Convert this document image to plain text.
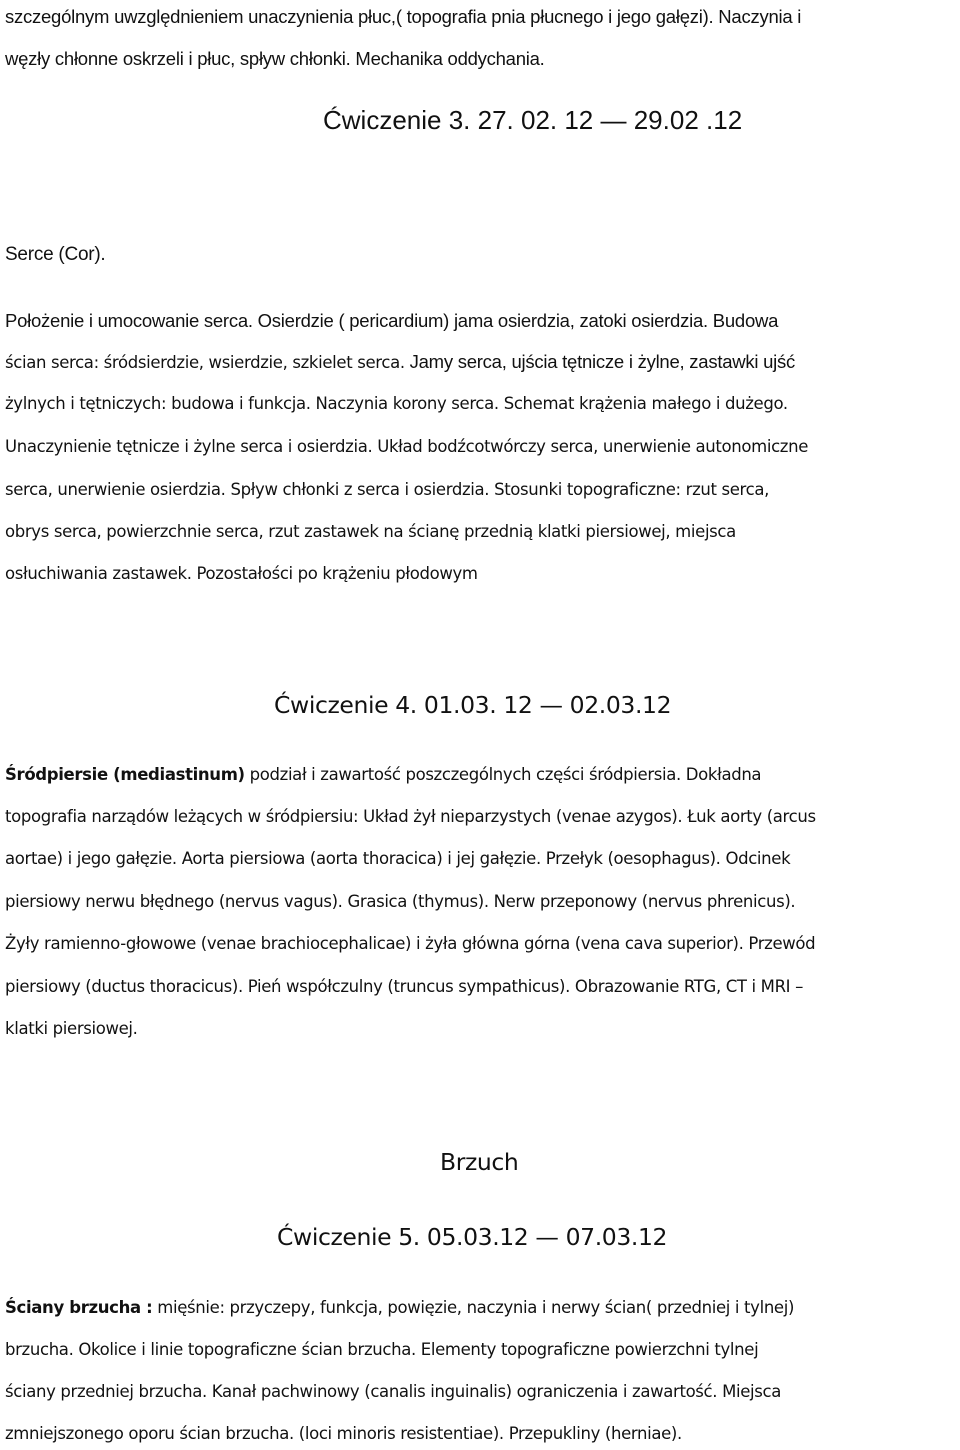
szczególnym uwzględnieniem unaczynienia płuc,( topografia pnia płucnego i jego gałęzi). Naczynia i
węzły chłonne oskrzeli i płuc, spływ chłonki. Mechanika oddychania.
Ćwiczenie 3. 27. 02. 12 — 29.02 .12
Serce (Cor).
Położenie i umocowanie serca. Osierdzie ( pericardium) jama osierdzia, zatoki osierdzia. Budowa
ścian serca: śródsierdzie, wsierdzie, szkielet serca. Jamy serca, ujścia tętnicze i żylne, zastawki ujść
żylnych i tętniczych: budowa i funkcja. Naczynia korony serca. Schemat krążenia małego i dużego.
Unaczynienie tętnicze i żylne serca i osierdzia. Układ bodźcotwórczy serca, unerwienie autonomiczne
serca, unerwienie osierdzia. Spływ chłonki z serca i osierdzia. Stosunki topograficzne: rzut serca,
obrys serca, powierzchnie serca, rzut zastawek na ścianę przednią klatki piersiowej, miejsca
osłuchiwania zastawek. Pozostałości po krążeniu płodowym
Ćwiczenie 4. 01.03. 12 — 02.03.12
Śródpiersie (mediastinum) podział i zawartość poszczególnych części śródpiersia. Dokładna
topografia narządów leżących w śródpiersiu: Układ żył nieparzystych (venae azygos). Łuk aorty (arcus
aortae) i jego gałęzie. Aorta piersiowa (aorta thoracica) i jej gałęzie. Przełyk (oesophagus). Odcinek
piersiowy nerwu błędnego (nervus vagus). Grasica (thymus). Nerw przeponowy (nervus phrenicus).
Żyły ramienno-głowowe (venae brachiocephalicae) i żyła główna górna (vena cava superior). Przewód
piersiowy (ductus thoracicus). Pień współczulny (truncus sympathicus). Obrazowanie RTG, CT i MRI –
klatki piersiowej.
Brzuch
Ćwiczenie 5. 05.03.12 — 07.03.12
Ściany brzucha : mięśnie: przyczepy, funkcja, powięzie, naczynia i nerwy ścian( przedniej i tylnej)
brzucha. Okolice i linie topograficzne ścian brzucha. Elementy topograficzne powierzchni tylnej
ściany przedniej brzucha. Kanał pachwinowy (canalis inguinalis) ograniczenia i zawartość. Miejsca
zmniejszonego oporu ścian brzucha. (loci minoris resistentiae). Przepukliny (herniae).
